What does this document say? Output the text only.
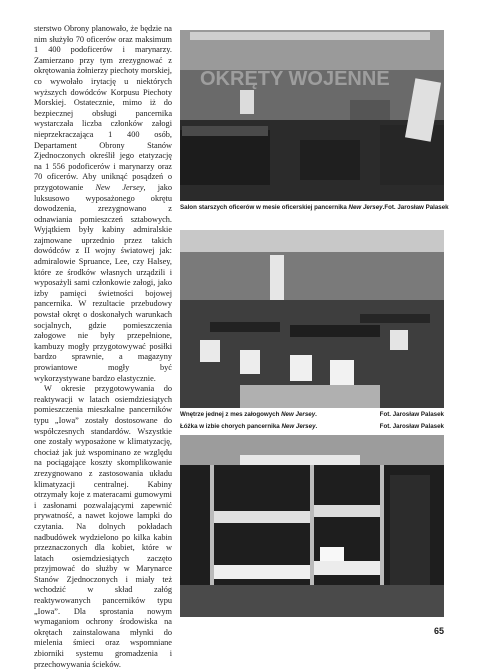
sterstwo Obrony planowało, że będzie na nim służyło 70 oficerów oraz maksimum 1 400 podoficerów i marynarzy. Zamierzano przy tym zrezygnować z okrętowania żołnierzy piechoty morskiej, co wywołało irytację u niektórych wyższych dowódców Korpusu Piechoty Morskiej. Ostatecznie, mimo iż do bezpiecznej obsługi pancernika wystarczała liczba członków załogi nieprzekraczająca 1 400 osób, Departament Obrony Stanów Zjednoczonych określił jego etatyzację na 1 556 podoficerów i marynarzy oraz 70 oficerów. Aby uniknąć posądzeń o przygotowanie New Jersey, jako luksusowo wyposażonego okrętu dowodzenia, zrezygnowano z odnawiania pomieszczeń sztabowych. Wyjątkiem były kabiny admiralskie zajmowane uprzednio przez takich dowódców z II wojny światowej jak: admiralowie Spruance, Lee, czy Halsey, które ze środków własnych urządzili i wyposażyli sami członkowie załogi, jako izby pamięci świetności bojowej pancernika. W rezultacie przebudowy powstał okręt o doskonałych warunkach socjalnych, gdzie pomieszczenia załogowe nie były przepełnione, kambuzy mogły przygotowywać posiłki bardzo sprawnie, a magazyny prowiantowe mogły być wykorzystywane bardzo elastycznie.

W okresie przygotowywania do reaktywacji w latach osiemdziesiątych pomieszczenia mieszkalne pancerników typu „Iowa” zostały dostosowane do współczesnych standardów. Wszystkie one zostały wyposażone w klimatyzację, chociaż jak już wspominano ze względu na pociągające koszty skomplikowanie zrezygnowano z zastosowania układu klimatyzacji centralnej. Kabiny otrzymały koje z materacami gumowymi i zasłonami pozwalającymi zapewnić prywatność, a nawet kojowe lampki do czytania. Na dolnych pokładach nadbudówek wydzielono po kilka kabin przeznaczonych dla kobiet, które w latach osiemdziesiątych zaczęto przyjmować do służby w Marynarce Stanów Zjednoczonych i miały też wchodzić w skład załóg reaktywowanych pancerników typu „Iowa”. Dla sprostania nowym wymaganiom ochrony środowiska na okrętach zainstalowana młynki do mielenia śmieci oraz wspomniane zbiorniki systemu gromadzenia i przechowywania ścieków.

OKRĘTY WOJENNE
Salon starszych oficerów w mesie oficerskiej pancernika New Jersey. Fot. Jarosław Palasek
Wnętrze jednej z mes załogowych New Jersey.	Fot. Jarosław Palasek
Łóżka w izbie chorych pancernika New Jersey.	Fot. Jarosław Palasek
65
